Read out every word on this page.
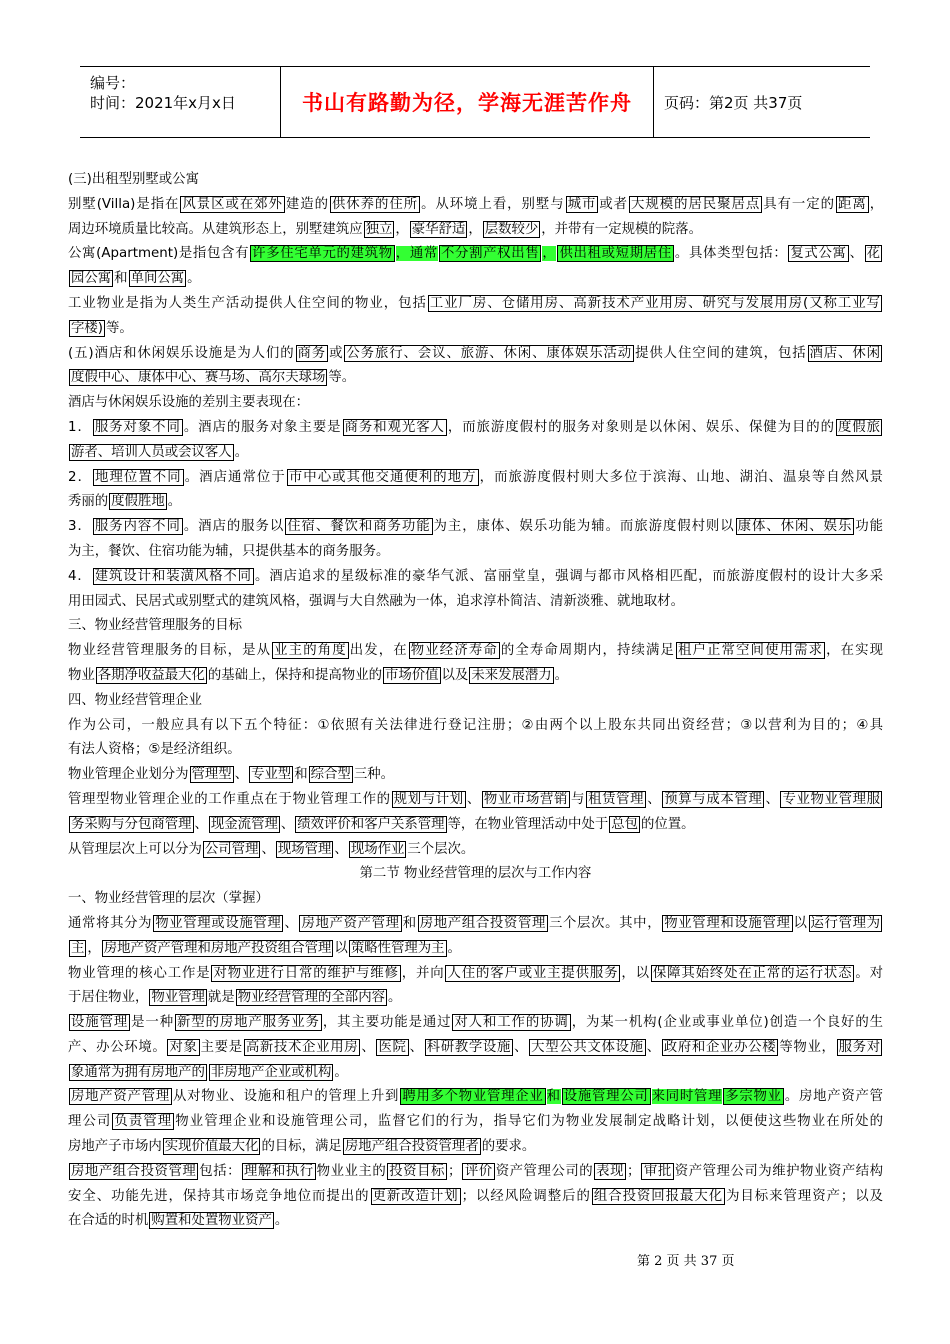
编号：
时间：2021年x月x日	书山有路勤为径，学海无涯苦作舟 页码：第2页 共37页
(三)出租型别墅或公寓
别墅(Villa)是指在 风景区或在郊外 建造的 供休养的住所 。从环境上看，别墅与 城市 或者 大规模的居民聚居点 具有一定的 距离 ，
周边环境质量比较高。从建筑形态上，别墅建筑应 独立 ， 豪华舒适 ， 层数较少 ，并带有一定规模的院落。
公寓(Apartment)是指包含有 许多住宅单元的建筑物 ，通常 不分割产权出售 ， 供出租或短期居住 。具体类型包括： 复式公寓 、 花
园公寓 和 单间公寓 。
工业物业是指为人类生产活动提供人住空间的物业，包括 工业厂房、仓储用房、高新技术产业用房、研究与发展用房(又称工业写
字楼) 等。
(五)酒店和休闲娱乐设施是为人们的 商务 或 公务旅行、会议、旅游、休闲、康体娱乐活动 提供人住空间的建筑，包括 酒店、休闲
度假中心、康体中心、赛马场、高尔夫球场 等。
酒店与休闲娱乐设施的差别主要表现在：
1． 服务对象不同 。酒店的服务对象主要是 商务和观光客人 ，而旅游度假村的服务对象则是以休闲、娱乐、保健为目的的 度假旅
游者、培训人员或会议客人 。
2． 地理位置不同 。酒店通常位于 市中心或其他交通便利的地方 ，而旅游度假村则大多位于滨海、山地、湖泊、温泉等自然风景
秀丽的 度假胜地 。
3． 服务内容不同 。酒店的服务以 住宿、餐饮和商务功能 为主，康体、娱乐功能为辅。而旅游度假村则以 康体、休闲、娱乐 功能
为主，餐饮、住宿功能为辅，只提供基本的商务服务。
4． 建筑设计和装潢风格不同 。酒店追求的星级标准的豪华气派、富丽堂皇，强调与都市风格相匹配，而旅游度假村的设计大多采
用田园式、民居式或别墅式的建筑风格，强调与大自然融为一体，追求淳朴简洁、清新淡雅、就地取材。
三、物业经营管理服务的目标
物业经营管理服务的目标，是从 业主的角度 出发，在 物业经济寿命 的全寿命周期内，持续满足 租户正常空间使用需求 ，在实现
物业 各期净收益最大化 的基础上，保持和提高物业的 市场价值 以及 未来发展潜力 。
四、物业经营管理企业
作为公司，一般应具有以下五个特征：①依照有关法律进行登记注册；②由两个以上股东共同出资经营；③以营利为目的；④具
有法人资格；⑤是经济组织。
物业管理企业划分为 管理型 、 专业型 和 综合型 三种。
管理型物业管理企业的工作重点在于物业管理工作的 规划与计划 、 物业市场营销 与 租赁管理 、 预算与成本管理 、 专业物业管理服
务采购与分包商管理 、 现金流管理 、 绩效评价和客户关系管理 等，在物业管理活动中处于 总包 的位置。
从管理层次上可以分为 公司管理 、 现场管理 、 现场作业 三个层次。
第二节 物业经营管理的层次与工作内容
一、物业经营管理的层次（掌握）
通常将其分为 物业管理或设施管理 、 房地产资产管理 和 房地产组合投资管理 三个层次。其中， 物业管理和设施管理 以 运行管理为
主 ， 房地产资产管理和房地产投资组合管理 以 策略性管理为主 。
物业管理的核心工作是 对物业进行日常的维护与维修 ，并向 人住的客户或业主提供服务 ，以 保障其始终处在正常的运行状态 。对
于居住物业， 物业管理 就是 物业经营管理的全部内容 。
设施管理 是一种 新型的房地产服务业务 ，其主要功能是通过 对人和工作的协调 ，为某一机构(企业或事业单位)创造一个良好的生
产、办公环境。 对象 主要是 高新技术企业用房 、 医院 、 科研教学设施 、 大型公共文体设施 、 政府和企业办公楼 等物业， 服务对
象通常为拥有房地产的 非房地产企业或机构 。
房地产资产管理 从对物业、设施和租户的管理上升到 聘用多个物业管理企业 和 设施管理公司 来同时管理 多宗物业 。房地产资产管
理公司 负责管理 物业管理企业和设施管理公司，监督它们的行为，指导它们为物业发展制定战略计划，以便使这些物业在所处的
房地产子市场内 实现价值最大化 的目标，满足 房地产组合投资管理者 的要求。
房地产组合投资管理 包括： 理解和执行 物业业主的 投资目标 ； 评价 资产管理公司的 表现 ； 审批 资产管理公司为维护物业资产结构
安全、功能先进，保持其市场竞争地位而提出的 更新改造计划 ；以经风险调整后的 组合投资回报最大化 为目标来管理资产；以及
在合适的时机 购置和处置物业资产 。
第 2 页 共 37 页
